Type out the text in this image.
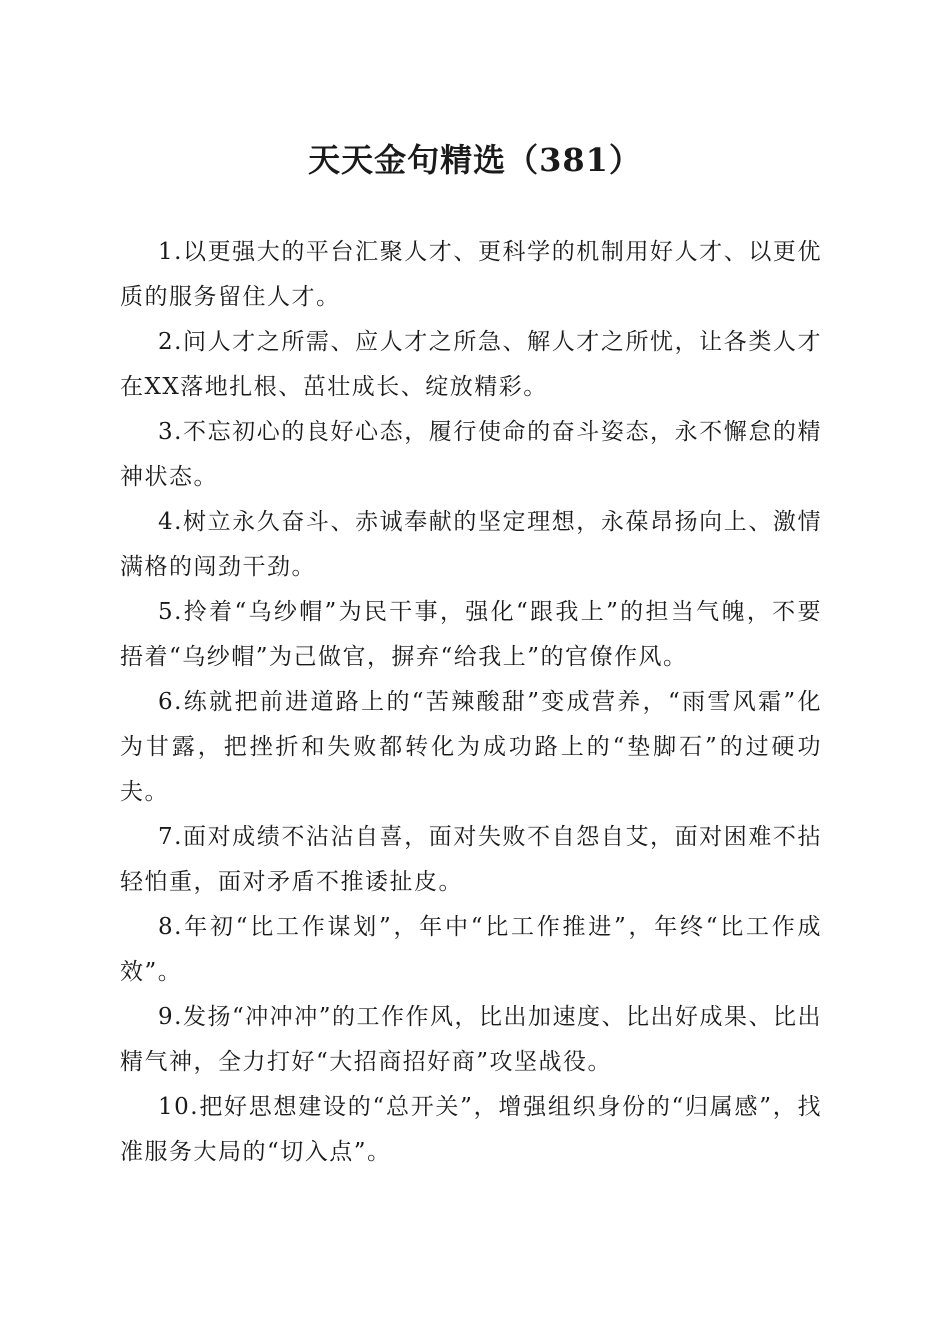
天天金句精选（381）

1.以更强大的平台汇聚人才、更科学的机制用好人才、以更优质的服务留住人才。

2.问人才之所需、应人才之所急、解人才之所忧，让各类人才在XX落地扎根、茁壮成长、绽放精彩。

3.不忘初心的良好心态，履行使命的奋斗姿态，永不懈怠的精神状态。

4.树立永久奋斗、赤诚奉献的坚定理想，永葆昂扬向上、激情满格的闯劲干劲。

5.拎着“乌纱帽”为民干事，强化“跟我上”的担当气魄，不要捂着“乌纱帽”为己做官，摒弃“给我上”的官僚作风。

6.练就把前进道路上的“苦辣酸甜”变成营养，“雨雪风霜”化为甘露，把挫折和失败都转化为成功路上的“垫脚石”的过硬功夫。

7.面对成绩不沾沾自喜，面对失败不自怨自艾，面对困难不拈轻怕重，面对矛盾不推诿扯皮。

8.年初“比工作谋划”，年中“比工作推进”，年终“比工作成效”。

9.发扬“冲冲冲”的工作作风，比出加速度、比出好成果、比出精气神，全力打好“大招商招好商”攻坚战役。

10.把好思想建设的“总开关”，增强组织身份的“归属感”，找准服务大局的“切入点”。
